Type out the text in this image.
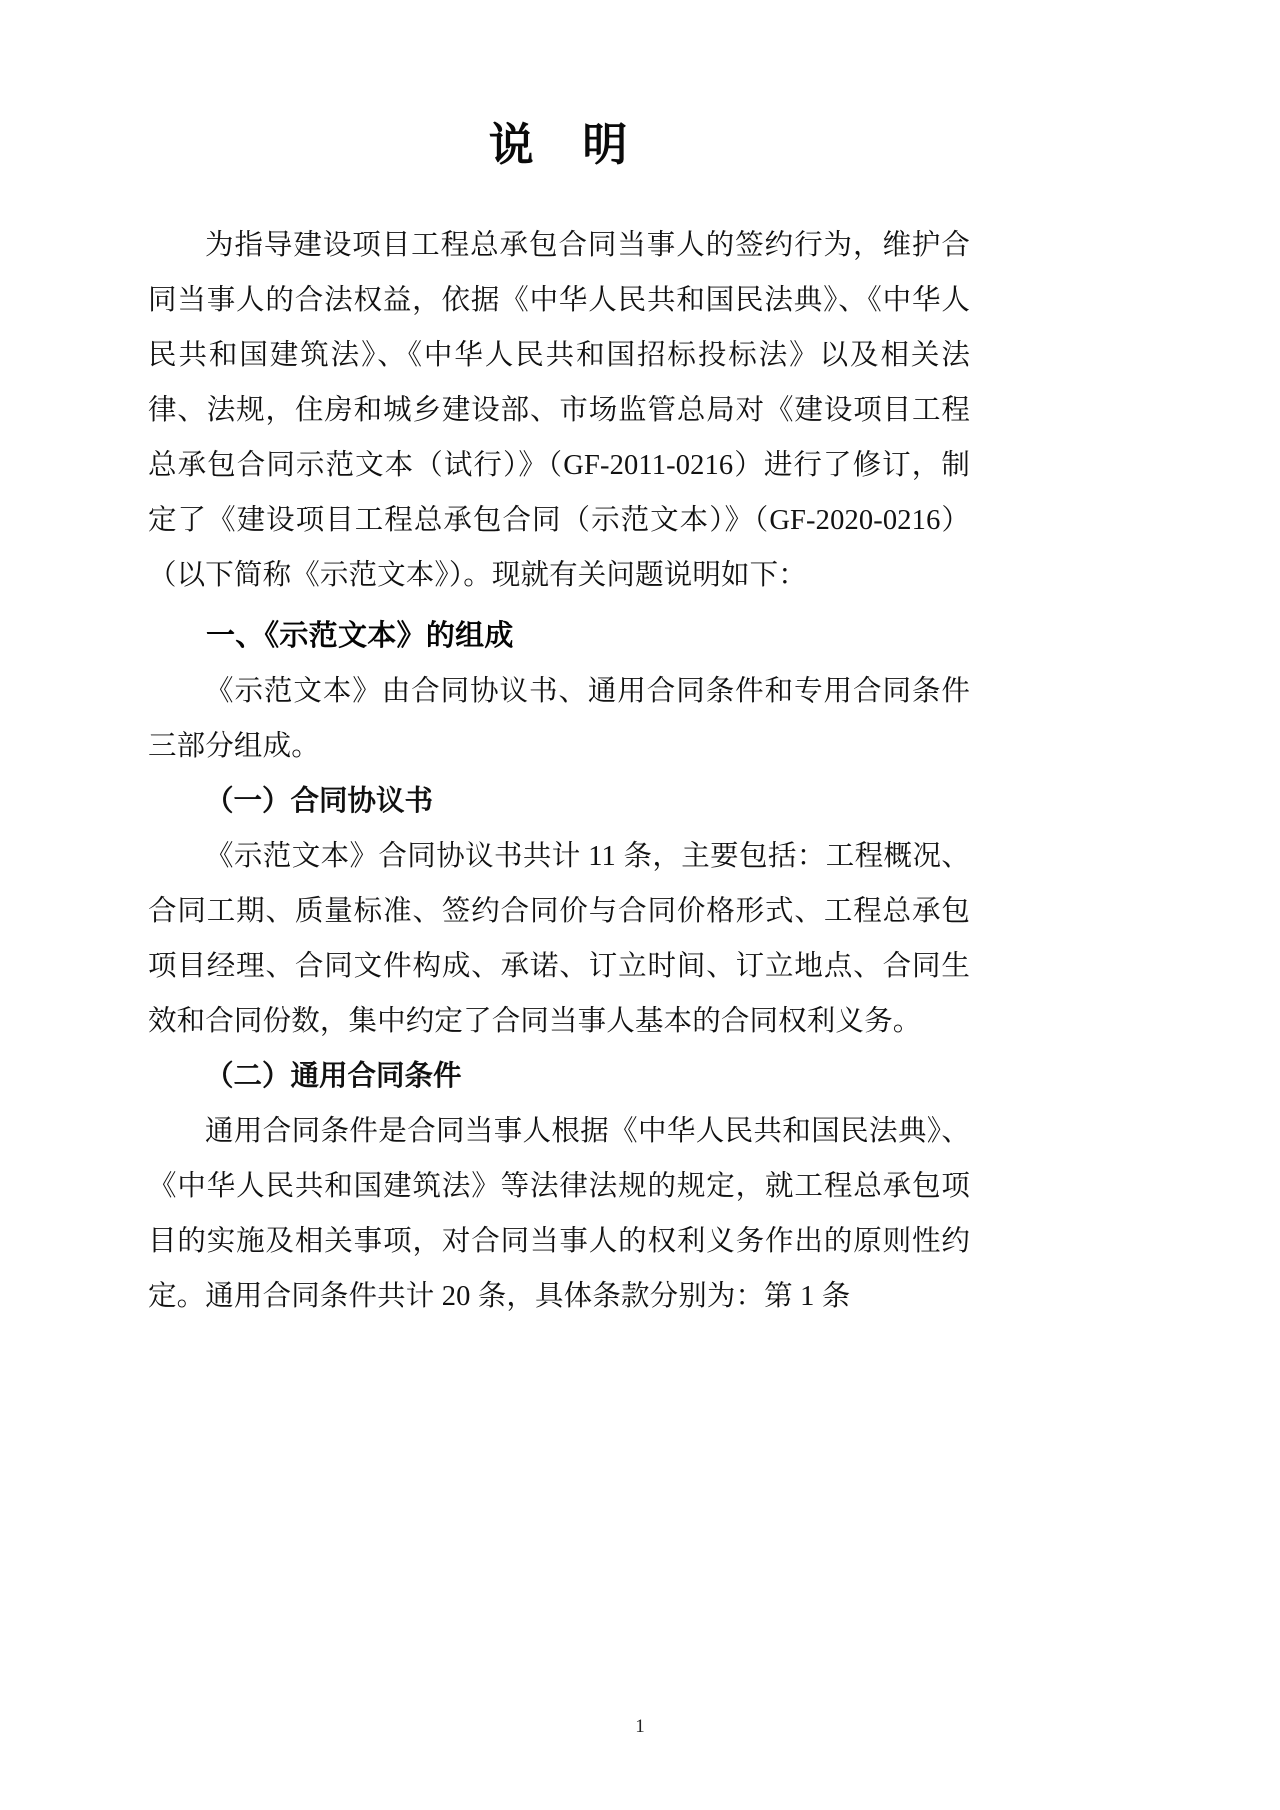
说　明

为指导建设项目工程总承包合同当事人的签约行为，维护合同当事人的合法权益，依据《中华人民共和国民法典》、《中华人民共和国建筑法》、《中华人民共和国招标投标法》以及相关法律、法规，住房和城乡建设部、市场监管总局对《建设项目工程总承包合同示范文本（试行）》（GF-2011-0216）进行了修订，制定了《建设项目工程总承包合同（示范文本）》（GF-2020-0216）（以下简称《示范文本》）。现就有关问题说明如下：

一、《示范文本》的组成

《示范文本》由合同协议书、通用合同条件和专用合同条件三部分组成。

（一）合同协议书

《示范文本》合同协议书共计 11 条，主要包括：工程概况、合同工期、质量标准、签约合同价与合同价格形式、工程总承包项目经理、合同文件构成、承诺、订立时间、订立地点、合同生效和合同份数，集中约定了合同当事人基本的合同权利义务。

（二）通用合同条件

通用合同条件是合同当事人根据《中华人民共和国民法典》、《中华人民共和国建筑法》等法律法规的规定，就工程总承包项目的实施及相关事项，对合同当事人的权利义务作出的原则性约定。通用合同条件共计 20 条，具体条款分别为：第 1 条

1
